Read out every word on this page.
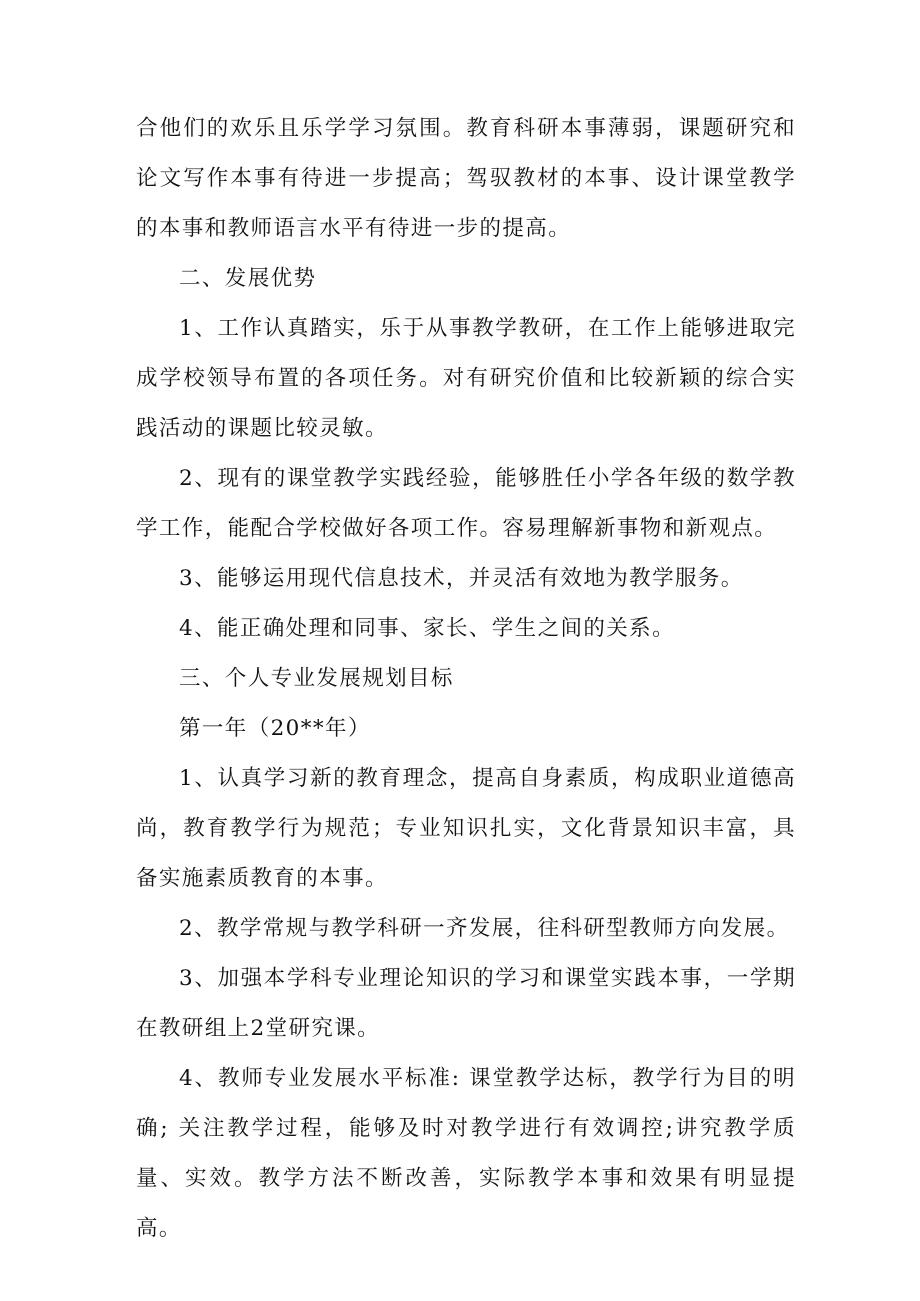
合他们的欢乐且乐学学习氛围。教育科研本事薄弱，课题研究和论文写作本事有待进一步提高；驾驭教材的本事、设计课堂教学的本事和教师语言水平有待进一步的提高。

二、发展优势

1、工作认真踏实，乐于从事教学教研，在工作上能够进取完成学校领导布置的各项任务。对有研究价值和比较新颖的综合实践活动的课题比较灵敏。

2、现有的课堂教学实践经验，能够胜任小学各年级的数学教学工作，能配合学校做好各项工作。容易理解新事物和新观点。

3、能够运用现代信息技术，并灵活有效地为教学服务。

4、能正确处理和同事、家长、学生之间的关系。

三、个人专业发展规划目标

第一年（20**年）

1、认真学习新的教育理念，提高自身素质，构成职业道德高尚，教育教学行为规范；专业知识扎实，文化背景知识丰富，具备实施素质教育的本事。

2、教学常规与教学科研一齐发展，往科研型教师方向发展。

3、加强本学科专业理论知识的学习和课堂实践本事，一学期在教研组上2堂研究课。

4、教师专业发展水平标准: 课堂教学达标，教学行为目的明确; 关注教学过程，能够及时对教学进行有效调控;讲究教学质量、实效。教学方法不断改善，实际教学本事和效果有明显提高。
